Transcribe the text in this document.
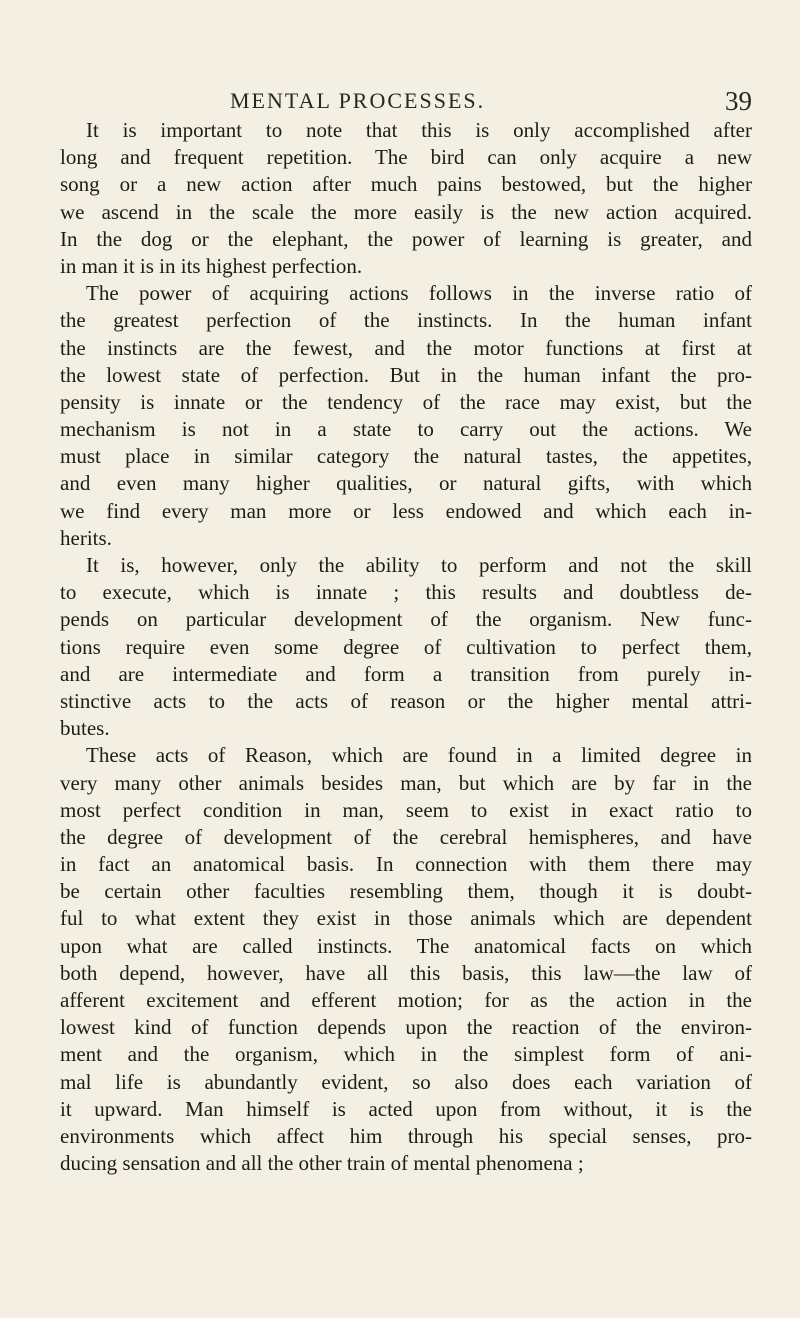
MENTAL PROCESSES.	39
It is important to note that this is only accomplished after
long and frequent repetition. The bird can only acquire a new
song or a new action after much pains bestowed, but the higher
we ascend in the scale the more easily is the new action acquired.
In the dog or the elephant, the power of learning is greater, and
in man it is in its highest perfection.
The power of acquiring actions follows in the inverse ratio of
the greatest perfection of the instincts. In the human infant
the instincts are the fewest, and the motor functions at first at
the lowest state of perfection. But in the human infant the pro-
pensity is innate or the tendency of the race may exist, but the
mechanism is not in a state to carry out the actions. We
must place in similar category the natural tastes, the appetites,
and even many higher qualities, or natural gifts, with which
we find every man more or less endowed and which each in-
herits.
It is, however, only the ability to perform and not the skill
to execute, which is innate ; this results and doubtless de-
pends on particular development of the organism. New func-
tions require even some degree of cultivation to perfect them,
and are intermediate and form a transition from purely in-
stinctive acts to the acts of reason or the higher mental attri-
butes.
These acts of Reason, which are found in a limited degree in
very many other animals besides man, but which are by far in the
most perfect condition in man, seem to exist in exact ratio to
the degree of development of the cerebral hemispheres, and have
in fact an anatomical basis. In connection with them there may
be certain other faculties resembling them, though it is doubt-
ful to what extent they exist in those animals which are dependent
upon what are called instincts. The anatomical facts on which
both depend, however, have all this basis, this law—the law of
afferent excitement and efferent motion; for as the action in the
lowest kind of function depends upon the reaction of the environ-
ment and the organism, which in the simplest form of ani-
mal life is abundantly evident, so also does each variation of
it upward. Man himself is acted upon from without, it is the
environments which affect him through his special senses, pro-
ducing sensation and all the other train of mental phenomena ;
